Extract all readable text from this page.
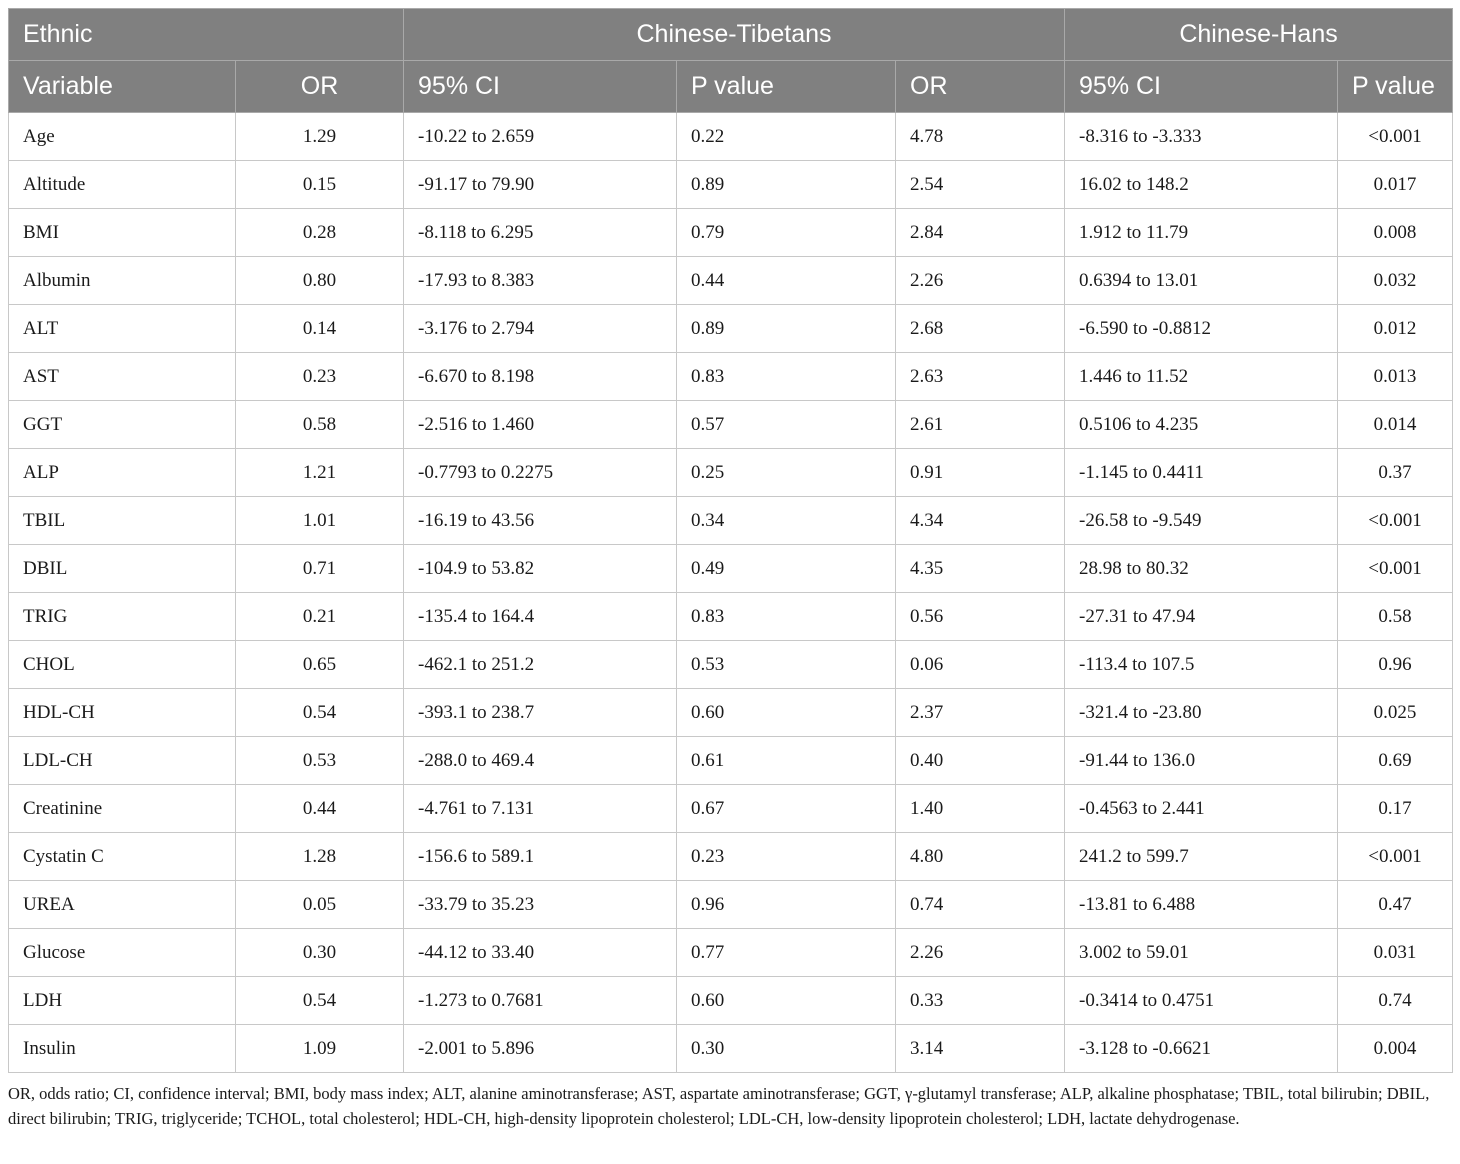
Ethnic		Chinese-Tibetans			Chinese-Hans	
Variable	OR	95% CI	P value	OR	95% CI	P value
Age	1.29	-10.22 to 2.659	0.22	4.78	-8.316 to -3.333	<0.001
Altitude	0.15	-91.17 to 79.90	0.89	2.54	16.02 to 148.2	0.017
BMI	0.28	-8.118 to 6.295	0.79	2.84	1.912 to 11.79	0.008
Albumin	0.80	-17.93 to 8.383	0.44	2.26	0.6394 to 13.01	0.032
ALT	0.14	-3.176 to 2.794	0.89	2.68	-6.590 to -0.8812	0.012
AST	0.23	-6.670 to 8.198	0.83	2.63	1.446 to 11.52	0.013
GGT	0.58	-2.516 to 1.460	0.57	2.61	0.5106 to 4.235	0.014
ALP	1.21	-0.7793 to 0.2275	0.25	0.91	-1.145 to 0.4411	0.37
TBIL	1.01	-16.19 to 43.56	0.34	4.34	-26.58 to -9.549	<0.001
DBIL	0.71	-104.9 to 53.82	0.49	4.35	28.98 to 80.32	<0.001
TRIG	0.21	-135.4 to 164.4	0.83	0.56	-27.31 to 47.94	0.58
CHOL	0.65	-462.1 to 251.2	0.53	0.06	-113.4 to 107.5	0.96
HDL-CH	0.54	-393.1 to 238.7	0.60	2.37	-321.4 to -23.80	0.025
LDL-CH	0.53	-288.0 to 469.4	0.61	0.40	-91.44 to 136.0	0.69
Creatinine	0.44	-4.761 to 7.131	0.67	1.40	-0.4563 to 2.441	0.17
Cystatin C	1.28	-156.6 to 589.1	0.23	4.80	241.2 to 599.7	<0.001
UREA	0.05	-33.79 to 35.23	0.96	0.74	-13.81 to 6.488	0.47
Glucose	0.30	-44.12 to 33.40	0.77	2.26	3.002 to 59.01	0.031
LDH	0.54	-1.273 to 0.7681	0.60	0.33	-0.3414 to 0.4751	0.74
Insulin	1.09	-2.001 to 5.896	0.30	3.14	-3.128 to -0.6621	0.004
OR, odds ratio; CI, confidence interval; BMI, body mass index; ALT, alanine aminotransferase; AST, aspartate aminotransferase; GGT, γ-glutamyl transferase; ALP, alkaline phosphatase; TBIL, total bilirubin; DBIL, direct bilirubin; TRIG, triglyceride; TCHOL, total cholesterol; HDL-CH, high-density lipoprotein cholesterol; LDL-CH, low-density lipoprotein cholesterol; LDH, lactate dehydrogenase.
